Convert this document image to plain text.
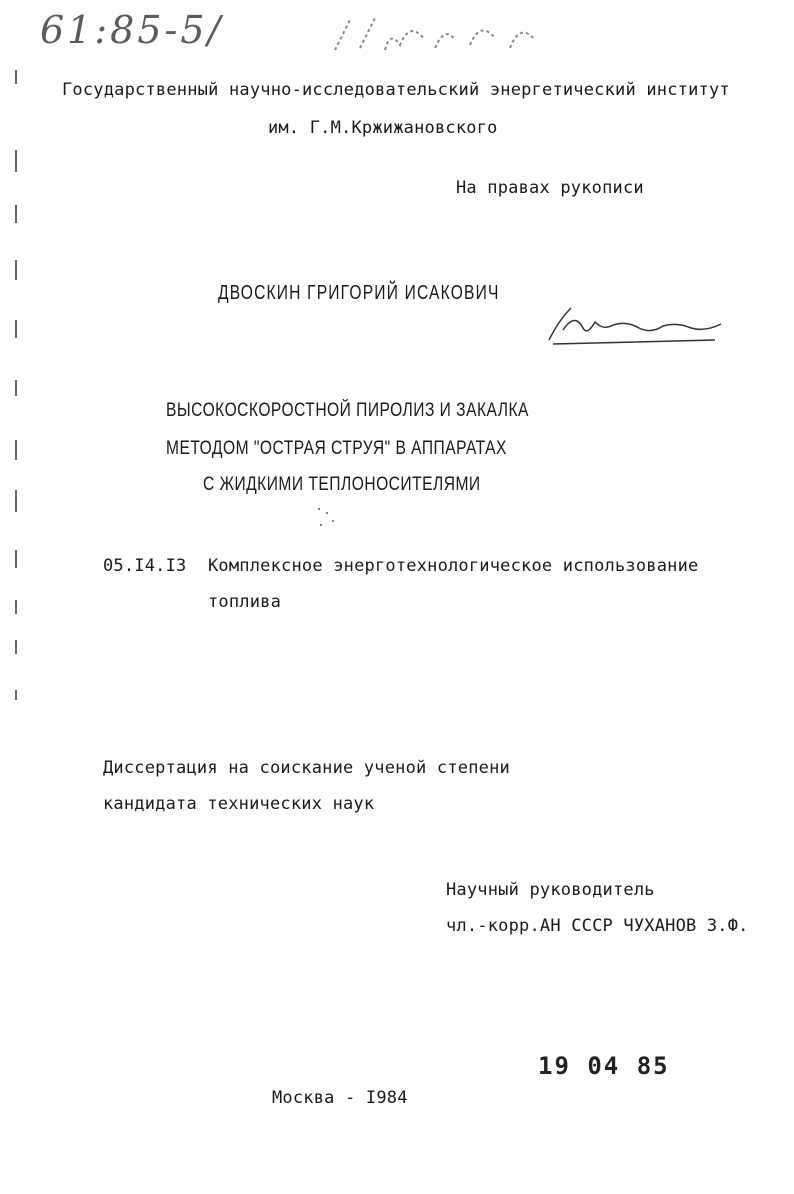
61:85-5/
Государственный научно-исследовательский энергетический институт
им. Г.М.Кржижановского
На правах рукописи
ДВОСКИН ГРИГОРИЙ ИСАКОВИЧ
ВЫСОКОСКОРОСТНОЙ ПИРОЛИЗ И ЗАКАЛКА
МЕТОДОМ "ОСТРАЯ СТРУЯ" В АППАРАТАХ
С ЖИДКИМИ ТЕПЛОНОСИТЕЛЯМИ
05.I4.I3 Комплексное энерготехнологическое использование
топлива
Диссертация на соискание ученой степени
кандидата технических наук
Научный руководитель
чл.-корр.АН СССР ЧУХАНОВ З.Ф.
19 04 85
Москва - I984
